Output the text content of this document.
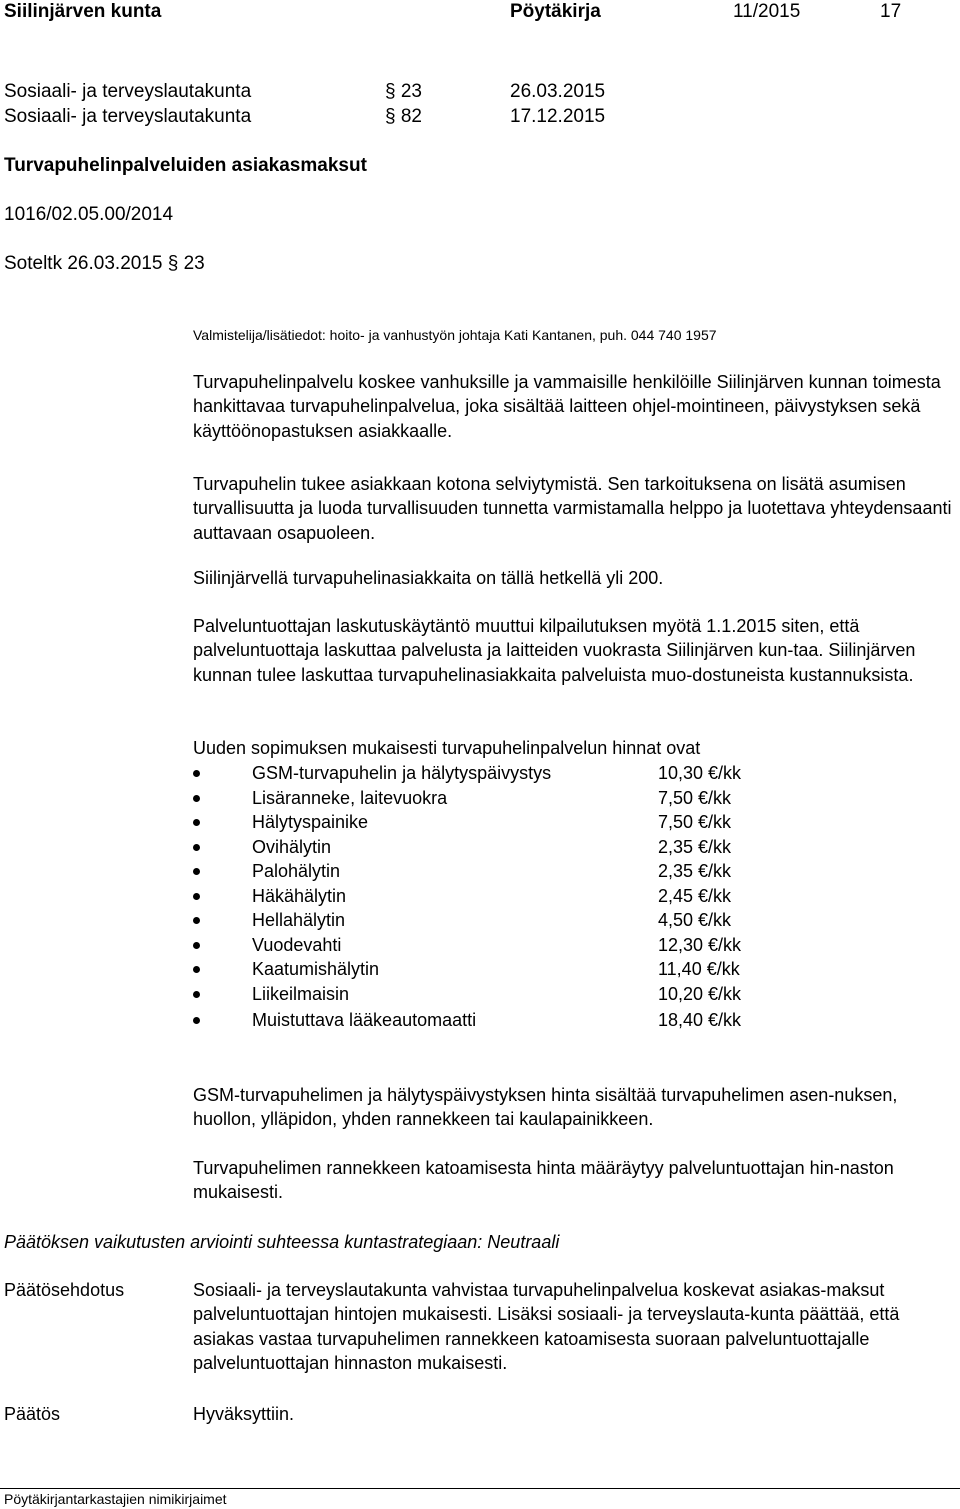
Siilinjärven kunta	Pöytäkirja	11/2015	17
Sosiaali- ja terveyslautakunta	§ 23	26.03.2015
Sosiaali- ja terveyslautakunta	§ 82	17.12.2015
Turvapuhelinpalveluiden asiakasmaksut
1016/02.05.00/2014
Soteltk 26.03.2015 § 23
Valmistelija/lisätiedot: hoito- ja vanhustyön johtaja Kati Kantanen, puh. 044 740 1957

Turvapuhelinpalvelu koskee vanhuksille ja vammaisille henkilöille Siilinjärven kunnan toimesta hankittavaa turvapuhelinpalvelua, joka sisältää laitteen ohjel-mointineen, päivystyksen sekä käyttöönopastuksen asiakkaalle.

Turvapuhelin tukee asiakkaan kotona selviytymistä. Sen tarkoituksena on lisätä asumisen turvallisuutta ja luoda turvallisuuden tunnetta varmistamalla helppo ja luotettava yhteydensaanti auttavaan osapuoleen.

Siilinjärvellä turvapuhelinasiakkaita on tällä hetkellä yli 200.

Palveluntuottajan laskutuskäytäntö muuttui kilpailutuksen myötä 1.1.2015 siten, että palveluntuottaja laskuttaa palvelusta ja laitteiden vuokrasta Siilinjärven kun-taa. Siilinjärven kunnan tulee laskuttaa turvapuhelinasiakkaita palveluista muo-dostuneista kustannuksista.

Uuden sopimuksen mukaisesti turvapuhelinpalvelun hinnat ovat

GSM-turvapuhelin ja hälytyspäivystys	10,30 €/kk
Lisäranneke, laitevuokra	7,50 €/kk
Hälytyspainike	7,50 €/kk
Ovihälytin	2,35 €/kk
Palohälytin	2,35 €/kk
Häkähälytin	2,45 €/kk
Hellahälytin	4,50 €/kk
Vuodevahti	12,30 €/kk
Kaatumishälytin	11,40 €/kk
Liikeilmaisin	10,20 €/kk
Muistuttava lääkeautomaatti	18,40 €/kk

GSM-turvapuhelimen ja hälytyspäivystyksen hinta sisältää turvapuhelimen asen-nuksen, huollon, ylläpidon, yhden rannekkeen tai kaulapainikkeen.

Turvapuhelimen rannekkeen katoamisesta hinta määräytyy palveluntuottajan hin-naston mukaisesti.

Päätöksen vaikutusten arviointi suhteessa kuntastrategiaan: Neutraali
Päätösehdotus	Sosiaali- ja terveyslautakunta vahvistaa turvapuhelinpalvelua koskevat asiakas-maksut palveluntuottajan hintojen mukaisesti. Lisäksi sosiaali- ja terveyslauta-kunta päättää, että asiakas vastaa turvapuhelimen rannekkeen katoamisesta suoraan palveluntuottajalle palveluntuottajan hinnaston mukaisesti.

Päätös	Hyväksyttiin.
Pöytäkirjantarkastajien nimikirjaimet
